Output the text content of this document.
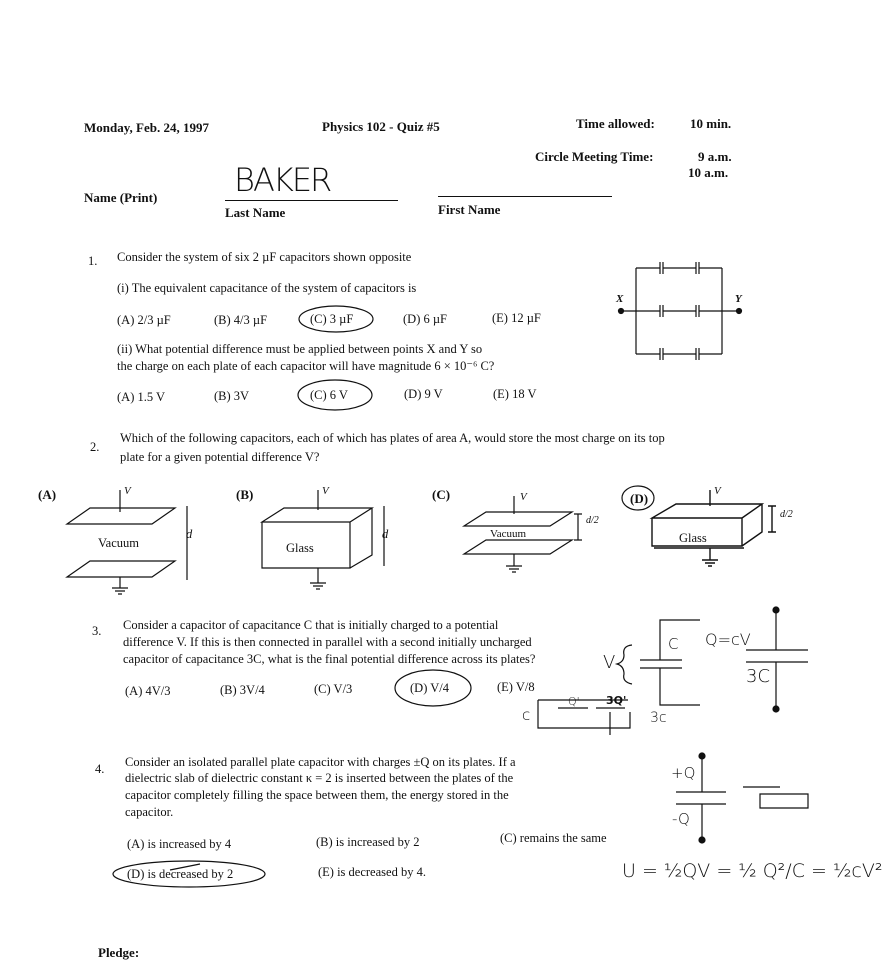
Monday, Feb. 24, 1997	Physics 102 - Quiz #5	Time allowed:	10 min.
Circle Meeting Time:	9 a.m.
10 a.m.
Name (Print) BAKER
Last Name	First Name
1. Consider the system of six 2 µF capacitors shown opposite
(i) The equivalent capacitance of the system of capacitors is
(A) 2/3 µF	(B) 4/3 µF	(C) 3 µF	(D) 6 µF	(E) 12 µF
(ii) What potential difference must be applied between points X and Y so
the charge on each plate of each capacitor will have magnitude 6 × 10⁻⁶ C?
(A) 1.5 V	(B) 3V	(C) 6 V	(D) 9 V	(E) 18 V
X	Y
2.
Which of the following capacitors, each of which has plates of area A, would store the most charge on its top
plate for a given potential difference V?
(A)	(B)	(C)	(D)
Vacuum	Glass
Vacuum	Glass
d	d
d/2
d/2
V	V	V	V
3. Consider a capacitor of capacitance C that is initially charged to a potential
difference V. If this is then connected in parallel with a second initially uncharged
capacitor of capacitance 3C, what is the final potential difference across its plates?
(A) 4V/3	(B) 3V/4	(C) V/3	(D) V/4	(E) V/8
C Q=cV
V
3C
c
Q' 3Q'
3c
4. Consider an isolated parallel plate capacitor with charges ±Q on its plates. If a
dielectric slab of dielectric constant κ = 2 is inserted between the plates of the
capacitor completely filling the space between them, the energy stored in the
capacitor.
(A) is increased by 4	(B) is increased by 2	(C) remains the same
(D) is decreased by 2	(E) is decreased by 4.
+Q
-Q
U = ½QV = ½ Q²/C = ½cV²
Pledge:
